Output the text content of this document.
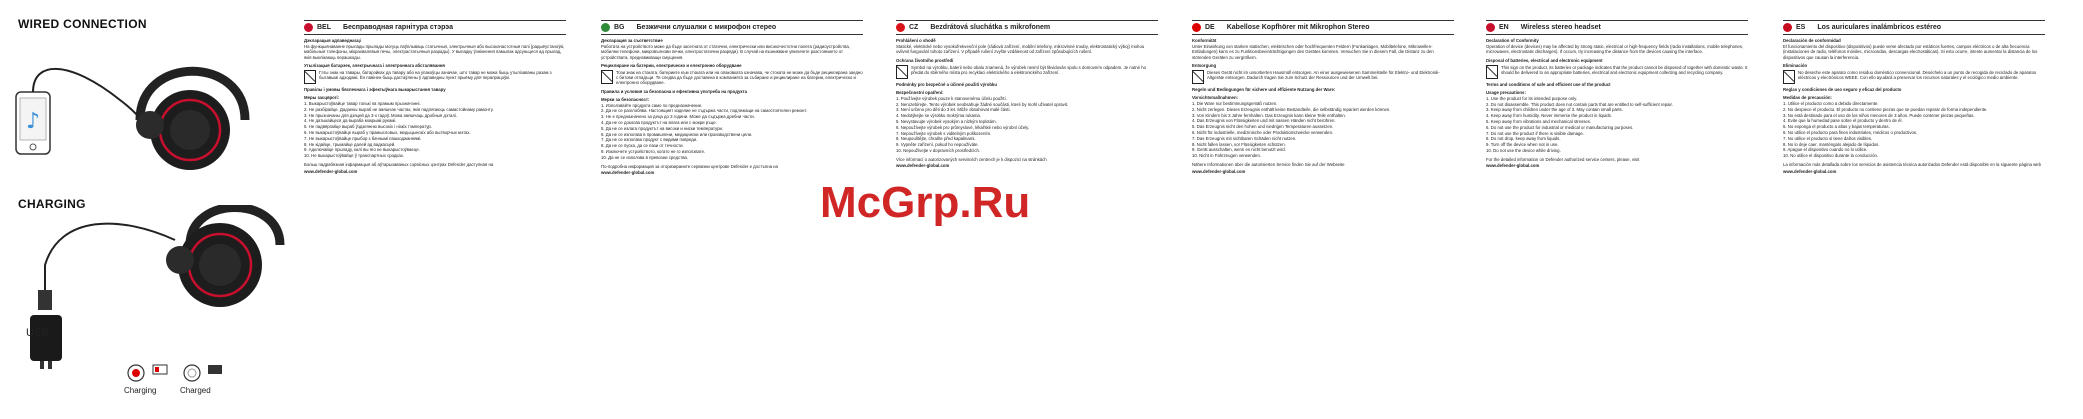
WIRED CONNECTION
♪
CHARGING
USB
Charging	Charged
BEL Бесправодная гарнітура стэрэа
Дэкларацыя адпаведнасці
На функцыянаванне прылады прылады могуць паўплываць статычныя, электрычныя або высокачастотныя палі (радыёустаноўкі, мабільныя тэлефоны, мікрахвалевыя печы, электрастатычныя разрады). У выпадку ўзнікнення памылак адсуньцеся ад прылад, якія выклікаюць перашкоды.
Утылізацыя батарэек, электрычнага і электроннага абсталявання
Гэты знак на тавары, батарэйках да тавару або на упакоўцы азначае, што тавар не можа быць утылізаваны разам з бытавымі адходамі. Ён павінен быць дастаўлены ў адпаведны пункт прыёму для перапрацоўкі.
Правілы і умовы бяспечнага і эфектыўнага выкарыстання тавару
Меры засцярогі:
1. Выкарыстоўвайце тавар толькі па прамым прызначэнні.
2. Не разбірайце. Дадзены выраб не змяшчае частак, якія падлягаюць самастойнаму рамонту.
3. Не прызначаны для дзяцей да 3-х гадоў. Можа змяшчаць дробныя дэталі.
4. Не датыкайцеся да выраба мокрымі рукамі.
5. Не падвяргайце выраб ўздзеянню высокіх і нізкіх тэмператур.
6. Не выкарыстоўвайце выраб у прамысловых, медыцынскіх або вытворчых мэтах.
7. Не выкарыстоўвайце прыбор з бачнымі пашкоджаннямі.
8. Не кідайце, трымайце далей ад вадкасцей.
9. Адключайце прыладу, калі вы яго не выкарыстоўваеце.
10. Не выкарыстоўвайце ў транспартных сродках.
Больш падрабязная інфармацыя аб аўтарызаваных сэрвісных цэнтрах Defender даступная на
www.defender-global.com
BG Безжични слушалки с микрофон стерео
Декларация за съответствие
Работата на устройството може да бъде засегната от статични, електрически или високочестотни полета (радиоустройства, мобилни телефони, микровълнови печки, електростатични разряди). В случай на възникване увеличете разстоянието от устройствата, предизвикващи смущения.
Рециклиране на батерии, електрическо и електронно оборудване
Този знак на стоката, батериите към стоката или на опаковката означава, че стоката не може да бъде рециклирана заедно с битови отпадъци. Тя следва да бъде доставена в компанията за събиране и рециклиране на батерии, електрическо и електронно оборудване.
Правила и условия за безопасна и ефективна употреба на продукта
Мерки за безопасност:
1. Използвайте продукта само по предназначение.
2. Да не се разглобява. Настоящият изделие не съдържа части, подлежащи на самостоятелен ремонт.
3. Не е предназначено за деца до 3 години. Може да съдържа дребни части.
4. Да не се докосва продуктът на влага или с мокри ръце.
5. Да не се излага продуктът на високи и ниски температури.
6. Да не се използва в промишлени, медицински или производствени цели.
7. Да не се използва продукт с видими повреди.
8. Да не се пуска, да се пази от течности.
9. Изключете устройството, когато не го използвате.
10. Да не се използва в превозни средства.
По-подробна информация за оторизираните сервизни центрове Defender е достъпна на
www.defender-global.com
CZ Bezdrátová sluchátka s mikrofonem
Prohlášení o shodě
Statické, elektrické nebo vysokofrekvenční pole (rádiová zařízení, mobilní telefony, mikrovlnné trouby, elektrostatický výboj) mohou ovlivnit fungování tohoto zařízení. V případě rušení zvyšte vzdálenost od zařízení způsobujících rušení.
Ochrana životního prostředí
Symbol na výrobku, baterii nebo obalu znamená, že výrobek nesmí být likvidován spolu s domovním odpadem. Je nutné ho předat do sběrného místa pro recyklaci elektrického a elektronického zařízení.
Podmínky pro bezpečné a účinné použití výrobku
Bezpečnostní opatření:
1. Používejte výrobek pouze k stanovenému účelu použití.
2. Nerozebírejte. Tento výrobek neobsahuje žádné součásti, které by mohl uživatel opravit.
3. Není určeno pro děti do 3 let. Může obsahovat malé části.
4. Nedotýkejte se výrobku mokrýma rukama.
5. Nevystavujte výrobek vysokým a nízkým teplotám.
6. Nepoužívejte výrobek pro průmyslové, lékařské nebo výrobní účely.
7. Nepoužívejte výrobek s viditelným poškozením.
8. Neupouštějte, chraňte před kapalinami.
9. Vypněte zařízení, pokud ho nepoužíváte.
10. Nepoužívejte v dopravních prostředcích.
Více informací o autorizovaných servisních centrech je k dispozici na stránkách
www.defender-global.com
DE Kabellose Kopfhörer mit Mikrophon Stereo
Konformität
Unter Einwirkung von starken statischen, elektrischen oder hochfrequenten Feldern (Funkanlagen, Mobiltelefone, Mikrowellen-Entladungen) kann es zu Funktionsbeeinträchtigungen des Gerätes kommen. Versuchen Sie in diesem Fall, die Distanz zu den störenden Geräten zu vergrößern.
Entsorgung
Dieses Gerät nicht im unsortierten Hausmüll entsorgen. An einer ausgewiesenen Sammelstelle für Elektro- und Elektronik-Altgeräte entsorgen. Dadurch tragen Sie zum Schutz der Ressourcen und der Umwelt bei.
Regeln und Bedingungen für sichere und effiziente Nutzung der Ware:
Vorsichtsmaßnahmen:
1. Die Ware nur bestimmungsgemäß nutzen.
2. Nicht zerlegen. Dieses Erzeugnis enthält keine Bestandteile, die selbständig repariert werden können.
3. Von Kindern bis 3 Jahre fernhalten. Das Erzeugnis kann kleine Teile enthalten.
4. Das Erzeugnis von Flüssigkeiten und mit nassen Händen nicht berühren.
5. Das Erzeugnis nicht den hohen und niedrigen Temperaturen aussetzen.
6. Nicht für industrielle, medizinische oder Produktionszwecke verwenden.
7. Das Erzeugnis mit sichtbaren Schäden nicht nutzen.
8. Nicht fallen lassen, vor Flüssigkeiten schützen.
9. Gerät ausschalten, wenn es nicht benutzt wird.
10. Nicht in Fahrzeugen verwenden.
Nähere Informationen über die autorisierten Service finden Sie auf der Webseite
www.defender-global.com
EN Wireless stereo headset
Declaration of Conformity
Operation of device (devices) may be affected by strong static, electrical or high-frequency fields (radio installations, mobile telephones, microwaves, electrostatic discharges). If occurs, try increasing the distance from the devices causing the interface.
Disposal of batteries, electrical and electronic equipment
This sign on the product, its batteries or package indicates that the product cannot be disposed of together with domestic waste. It should be delivered to an appropriate batteries, electrical and electronic equipment collecting and recycling company.
Terms and conditions of safe and efficient use of the product
Usage precautions:
1. Use the product for its intended purpose only.
2. Do not disassemble. This product does not contain parts that are entitled to self-sufficient repair.
3. Keep away from children under the age of 3. May contain small parts.
4. Keep away from humidity. Never immerse the product in liquids.
5. Keep away from vibrations and mechanical stresses.
6. Do not use the product for industrial or medical or manufacturing purposes.
7. Do not use the product if there is visible damage.
8. Do not drop, keep away from liquids.
9. Turn off the device when not in use.
10. Do not use the device while driving.
For the detailed information on Defender authorized service centers, please, visit
www.defender-global.com
ES Los auriculares inalámbricos estéreo
Declaración de conformidad
El funcionamiento del dispositivo (dispositivos) puede verse afectado por estáticos fuertes, campos eléctricos o de alta frecuencia (instalaciones de radio, teléfonos móviles, microondas, descargas electrostáticas). Si esto ocurre, intente aumentar la distancia de los dispositivos que causan la interferencia.
Eliminación
No deseche este aparato como residuo doméstico convencional. Deséchelo a un punto de recogida de reciclado de aparatos eléctricos y electrónicos WEEE. Con ello ayudará a preservar los recursos naturales y el ecológico medio ambiente.
Reglas y condiciones de uso seguro y eficaz del producto
Medidas de precaución:
1. Utilice el producto como a debido directamente.
2. No despiece el producto. El producto no contiene piezas que se puedan reparar de forma independiente.
3. No está destinado para el uso de los niños menores de 3 años. Puede contener piezas pequeñas.
4. Evite que la humedad pase sobre el producto y dentro de él.
5. No exponga el producto a altas y bajas temperaturas.
6. No utilice el producto para fines industriales, médicos o productivos.
7. No utilice el producto si tiene daños visibles.
8. No lo deje caer, manténgalo alejado de líquidos.
9. Apague el dispositivo cuando no lo utilice.
10. No utilice el dispositivo durante la conducción.
La información más detallada sobre los servicios de asistencia técnica autorizados Defender está disponible en la siguiente página web
www.defender-global.com
McGrp.Ru
